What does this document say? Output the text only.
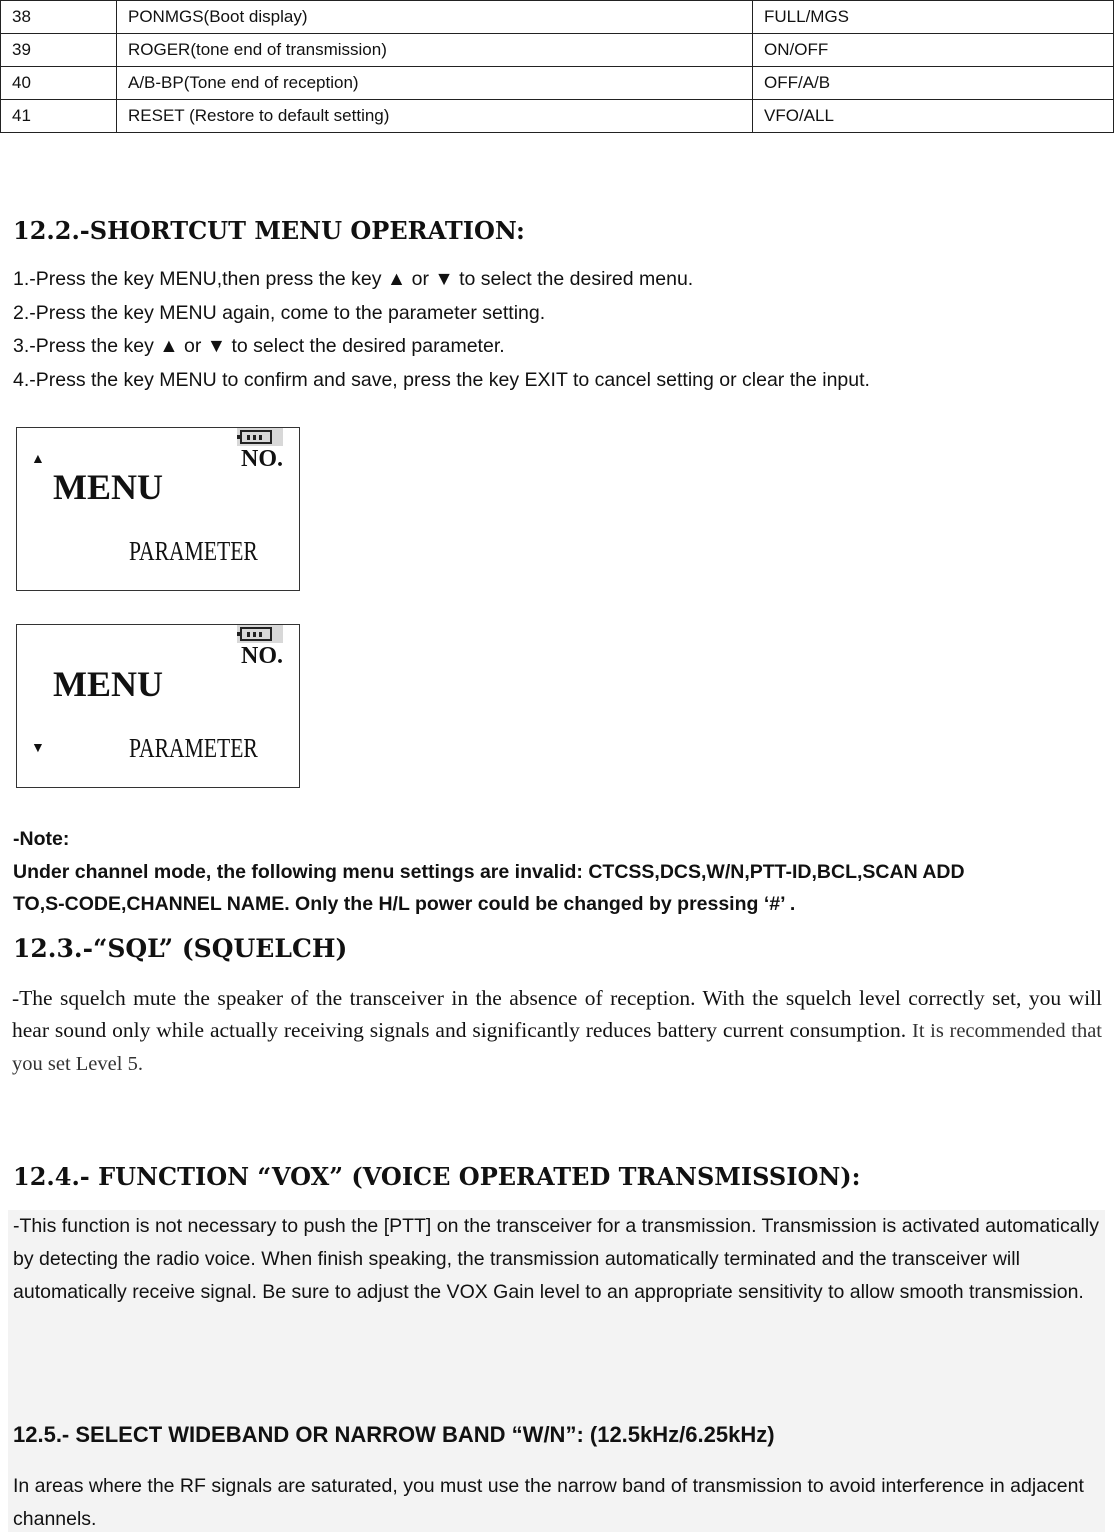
38	PONMGS(Boot display)	FULL/MGS
39	ROGER(tone end of transmission)	ON/OFF
40	A/B-BP(Tone end of reception)	OFF/A/B
41	RESET (Restore to default setting)	VFO/ALL
12.2.-SHORTCUT MENU OPERATION:
1.-Press the key MENU,then press the key ▲ or ▼ to select the desired menu.
2.-Press the key MENU again, come to the parameter setting.
3.-Press the key ▲ or ▼ to select the desired parameter.
4.-Press the key MENU to confirm and save, press the key EXIT to cancel setting or clear the input.
▲	NO.
MENU
PARAMETER
▼
NO.
MENU
PARAMETER
-Note:
Under channel mode, the following menu settings are invalid: CTCSS,DCS,W/N,PTT-ID,BCL,SCAN ADD
TO,S-CODE,CHANNEL NAME. Only the H/L power could be changed by pressing ‘#’ .
12.3.-“SQL” (SQUELCH)
-The squelch mute the speaker of the transceiver in the absence of reception. With the squelch level correctly set, you will hear sound only while actually receiving signals and significantly reduces battery current consumption. It is recommended that you set Level 5.
12.4.- FUNCTION “VOX” (VOICE OPERATED TRANSMISSION):
-This function is not necessary to push the [PTT] on the transceiver for a transmission. Transmission is activated automatically by detecting the radio voice. When finish speaking, the transmission automatically terminated and the transceiver will automatically receive signal. Be sure to adjust the VOX Gain level to an appropriate sensitivity to allow smooth transmission.
12.5.- SELECT WIDEBAND OR NARROW BAND “W/N”: (12.5kHz/6.25kHz)
In areas where the RF signals are saturated, you must use the narrow band of transmission to avoid interference in adjacent channels.
